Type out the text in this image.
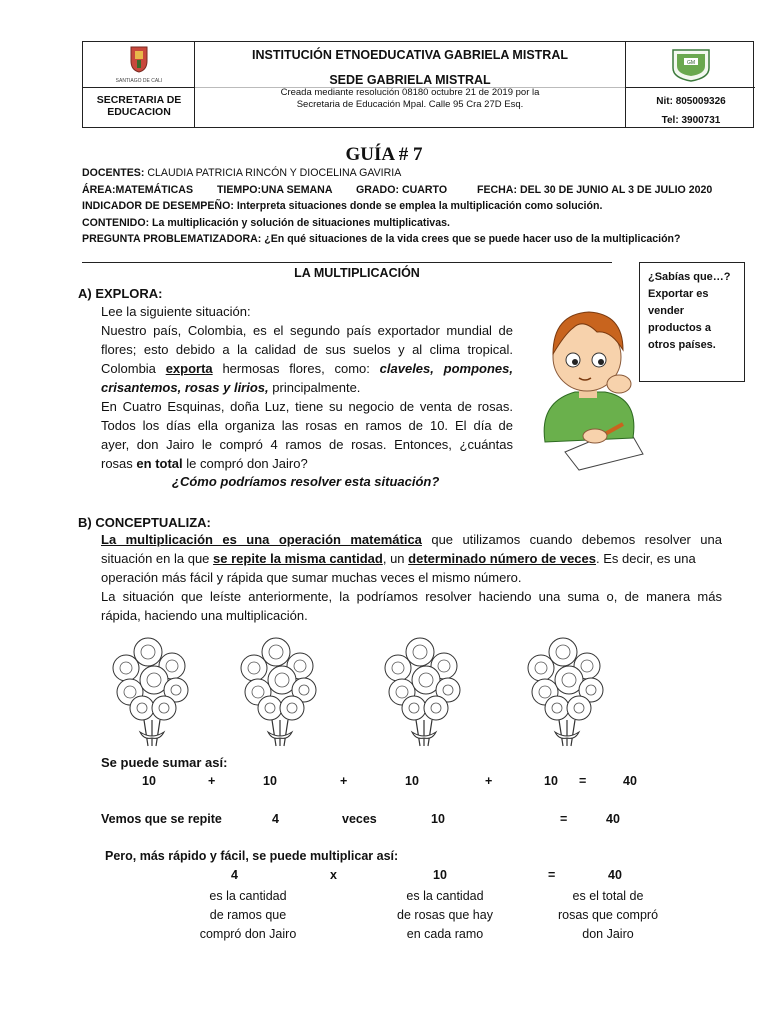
SANTIAGO DE CALI
INSTITUCIÓN ETNOEDUCATIVA GABRIELA MISTRAL
SEDE GABRIELA MISTRAL
Creada mediante resolución 08180 octubre 21 de 2019 por la
Secretaria de Educación Mpal. Calle 95 Cra 27D Esq.
SECRETARIA DE
EDUCACION
GM
Nit: 805009326
Tel: 3900731
GUÍA # 7
DOCENTES: CLAUDIA PATRICIA RINCÓN Y DIOCELINA GAVIRIA
ÁREA:MATEMÁTICAS TIEMPO:UNA SEMANA GRADO: CUARTO	FECHA: DEL 30 DE JUNIO AL 3 DE JULIO 2020
INDICADOR DE DESEMPEÑO: Interpreta situaciones donde se emplea la multiplicación como solución.
CONTENIDO: La multiplicación y solución de situaciones multiplicativas.
PREGUNTA PROBLEMATIZADORA: ¿En qué situaciones de la vida crees que se puede hacer uso de la multiplicación?
LA MULTIPLICACIÓN	¿Sabías que…?
Exportar es
vender
productos a
otros países.
A) EXPLORA:
Lee la siguiente situación:
Nuestro país, Colombia, es el segundo país exportador mundial de
flores; esto debido a la calidad de sus suelos y al clima tropical.
Colombia exporta hermosas flores, como: claveles, pompones,
crisantemos, rosas y lirios, principalmente.
En Cuatro Esquinas, doña Luz, tiene su negocio de venta de rosas.
Todos los días ella organiza las rosas en ramos de 10. El día de
ayer, don Jairo le compró 4 ramos de rosas. Entonces, ¿cuántas
rosas en total le compró don Jairo?
¿Cómo podríamos resolver esta situación?
B) CONCEPTUALIZA:
La multiplicación es una operación matemática que utilizamos cuando debemos resolver una
situación en la que se repite la misma cantidad, un determinado número de veces. Es decir, es una
operación más fácil y rápida que sumar muchas veces el mismo número.
La situación que leíste anteriormente, la podríamos resolver haciendo una suma o, de manera más
rápida, haciendo una multiplicación.
Se puede sumar así:
10	+	10	+	10	+	10 =	40
Vemos que se repite	4	veces	10	=	40
Pero, más rápido y fácil, se puede multiplicar así:
4	x	10	=	40
es la cantidad
de ramos que
compró don Jairo
es la cantidad
de rosas que hay
en cada ramo
es el total de
rosas que compró
don Jairo
